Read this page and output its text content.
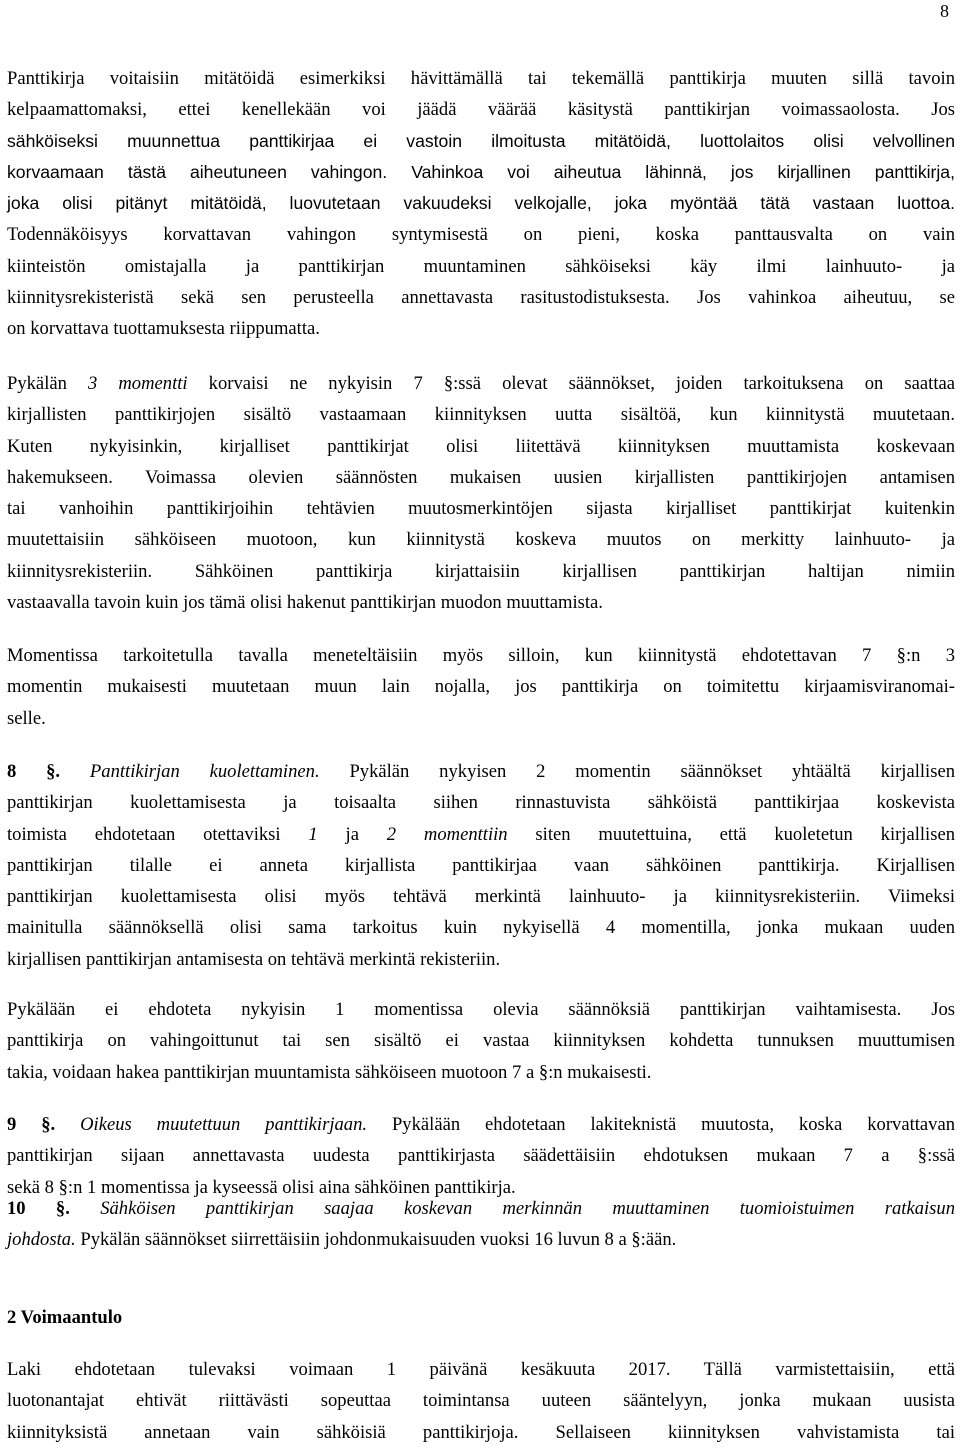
8
Panttikirja voitaisiin mitätöidä esimerkiksi hävittämällä tai tekemällä panttikirja muuten sillä tavoin
kelpaamattomaksi, ettei kenellekään voi jäädä väärää käsitystä panttikirjan voimassaolosta. Jos
sähköiseksi muunnettua panttikirjaa ei vastoin ilmoitusta mitätöidä, luottolaitos olisi velvollinen
korvaamaan tästä aiheutuneen vahingon. Vahinkoa voi aiheutua lähinnä, jos kirjallinen panttikirja,
joka olisi pitänyt mitätöidä, luovutetaan vakuudeksi velkojalle, joka myöntää tätä vastaan luottoa.
Todennäköisyys korvattavan vahingon syntymisestä on pieni, koska panttausvalta on vain
kiinteistön omistajalla ja panttikirjan muuntaminen sähköiseksi käy ilmi lainhuuto- ja
kiinnitysrekisteristä sekä sen perusteella annettavasta rasitustodistuksesta. Jos vahinkoa aiheutuu, se
on korvattava tuottamuksesta riippumatta.
Pykälän 3 momentti korvaisi ne nykyisin 7 §:ssä olevat säännökset, joiden tarkoituksena on saattaa
kirjallisten panttikirjojen sisältö vastaamaan kiinnityksen uutta sisältöä, kun kiinnitystä muutetaan.
Kuten nykyisinkin, kirjalliset panttikirjat olisi liitettävä kiinnityksen muuttamista koskevaan
hakemukseen. Voimassa olevien säännösten mukaisen uusien kirjallisten panttikirjojen antamisen
tai vanhoihin panttikirjoihin tehtävien muutosmerkintöjen sijasta kirjalliset panttikirjat kuitenkin
muutettaisiin sähköiseen muotoon, kun kiinnitystä koskeva muutos on merkitty lainhuuto- ja
kiinnitysrekisteriin. Sähköinen panttikirja kirjattaisiin kirjallisen panttikirjan haltijan nimiin
vastaavalla tavoin kuin jos tämä olisi hakenut panttikirjan muodon muuttamista.
Momentissa tarkoitetulla tavalla meneteltäisiin myös silloin, kun kiinnitystä ehdotettavan 7 §:n 3
momentin mukaisesti muutetaan muun lain nojalla, jos panttikirja on toimitettu kirjaamisviranomai-
selle.
8 §. Panttikirjan kuolettaminen. Pykälän nykyisen 2 momentin säännökset yhtäältä kirjallisen
panttikirjan kuolettamisesta ja toisaalta siihen rinnastuvista sähköistä panttikirjaa koskevista
toimista ehdotetaan otettaviksi 1 ja 2 momenttiin siten muutettuina, että kuoletetun kirjallisen
panttikirjan tilalle ei anneta kirjallista panttikirjaa vaan sähköinen panttikirja. Kirjallisen
panttikirjan kuolettamisesta olisi myös tehtävä merkintä lainhuuto- ja kiinnitysrekisteriin. Viimeksi
mainitulla säännöksellä olisi sama tarkoitus kuin nykyisellä 4 momentilla, jonka mukaan uuden
kirjallisen panttikirjan antamisesta on tehtävä merkintä rekisteriin.
Pykälään ei ehdoteta nykyisin 1 momentissa olevia säännöksiä panttikirjan vaihtamisesta. Jos
panttikirja on vahingoittunut tai sen sisältö ei vastaa kiinnityksen kohdetta tunnuksen muuttumisen
takia, voidaan hakea panttikirjan muuntamista sähköiseen muotoon 7 a §:n mukaisesti.
9 §. Oikeus muutettuun panttikirjaan. Pykälään ehdotetaan lakiteknistä muutosta, koska korvattavan
panttikirjan sijaan annettavasta uudesta panttikirjasta säädettäisiin ehdotuksen mukaan 7 a §:ssä
sekä 8 §:n 1 momentissa ja kyseessä olisi aina sähköinen panttikirja.
10 §. Sähköisen panttikirjan saajaa koskevan merkinnän muuttaminen tuomioistuimen ratkaisun
johdosta. Pykälän säännökset siirrettäisiin johdonmukaisuuden vuoksi 16 luvun 8 a §:ään.
2 Voimaantulo
Laki ehdotetaan tulevaksi voimaan 1 päivänä kesäkuuta 2017. Tällä varmistettaisiin, että
luotonantajat ehtivät riittävästi sopeuttaa toimintansa uuteen sääntelyyn, jonka mukaan uusista
kiinnityksistä annetaan vain sähköisiä panttikirjoja. Sellaiseen kiinnityksen vahvistamista tai
